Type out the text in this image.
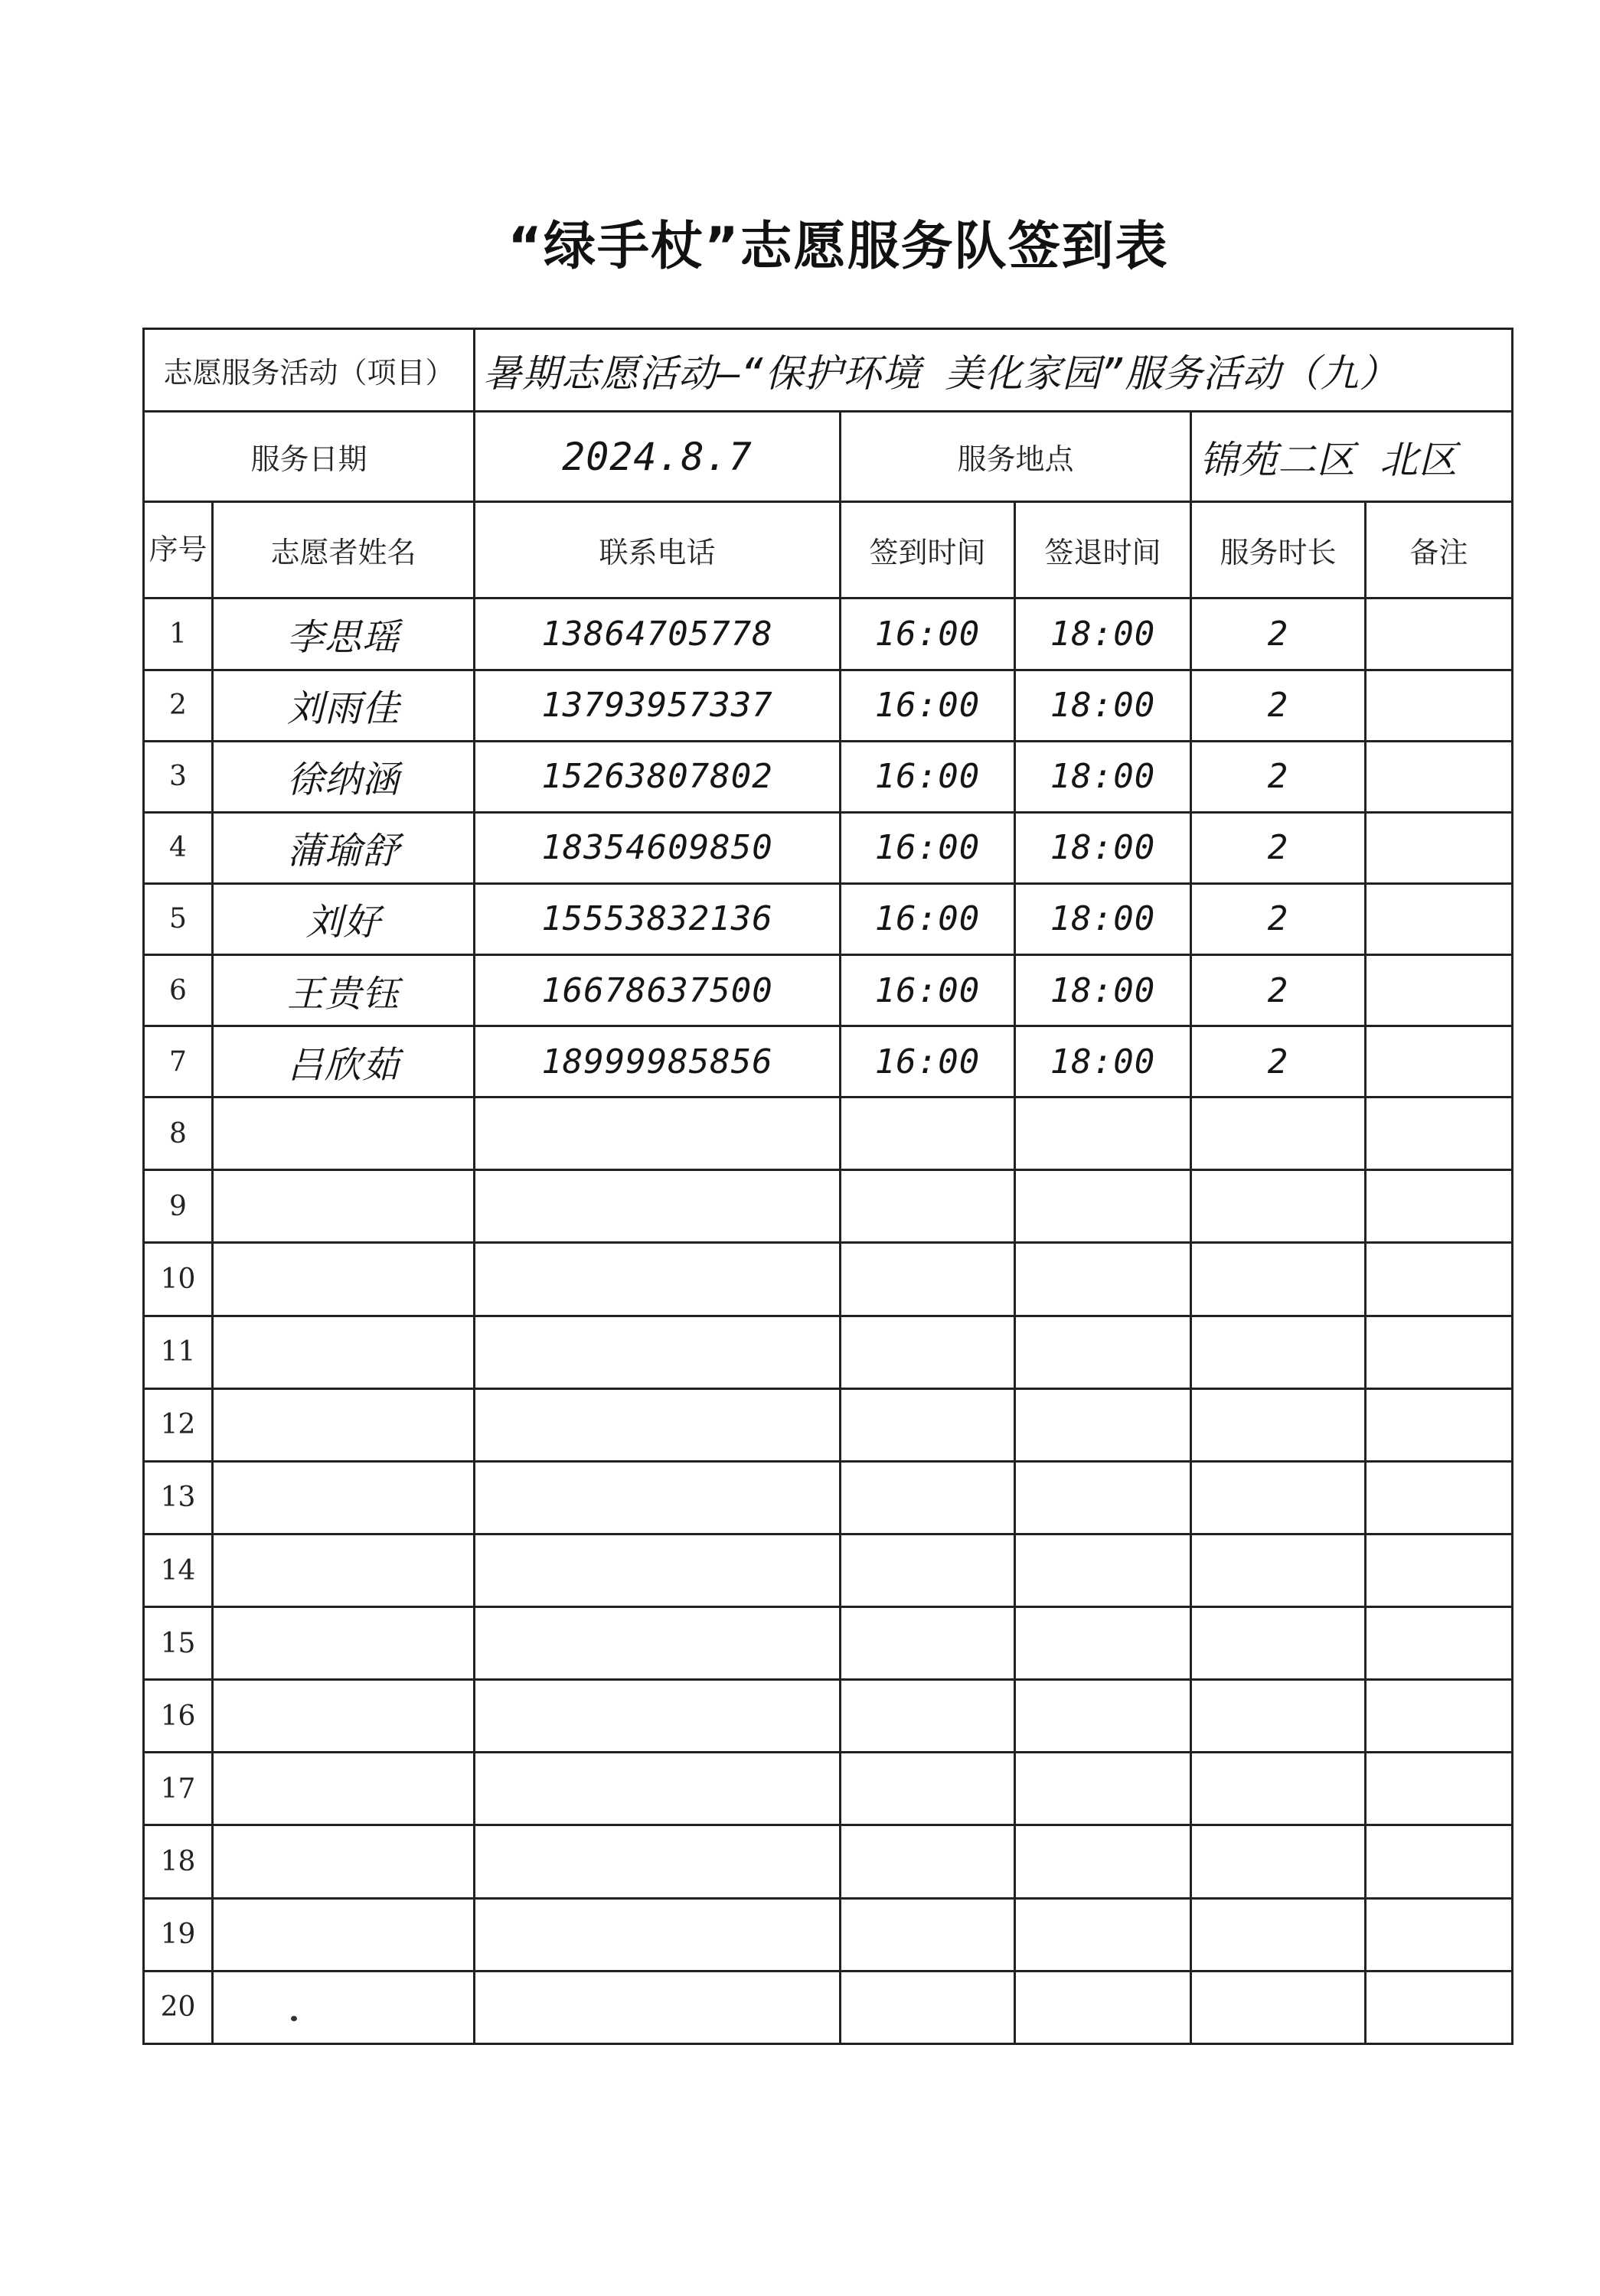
“绿手杖”志愿服务队签到表
志愿服务活动（项目）		暑期志愿活动—“保护环境 美化家园”服务活动（九）				
服务日期		2024.8.7	服务地点		锦苑二区 北区	
序号	志愿者姓名	联系电话	签到时间	签退时间	服务时长	备注
1	李思瑶	13864705778	16:00	18:00	2	
2	刘雨佳	13793957337	16:00	18:00	2	
3	徐纳涵	15263807802	16:00	18:00	2	
4	蒲瑜舒	18354609850	16:00	18:00	2	
5	刘好	15553832136	16:00	18:00	2	
6	王贵钰	16678637500	16:00	18:00	2	
7	吕欣茹	18999985856	16:00	18:00	2	
8						
9						
10						
11						
12						
13						
14						
15						
16						
17						
18						
19						
20						
